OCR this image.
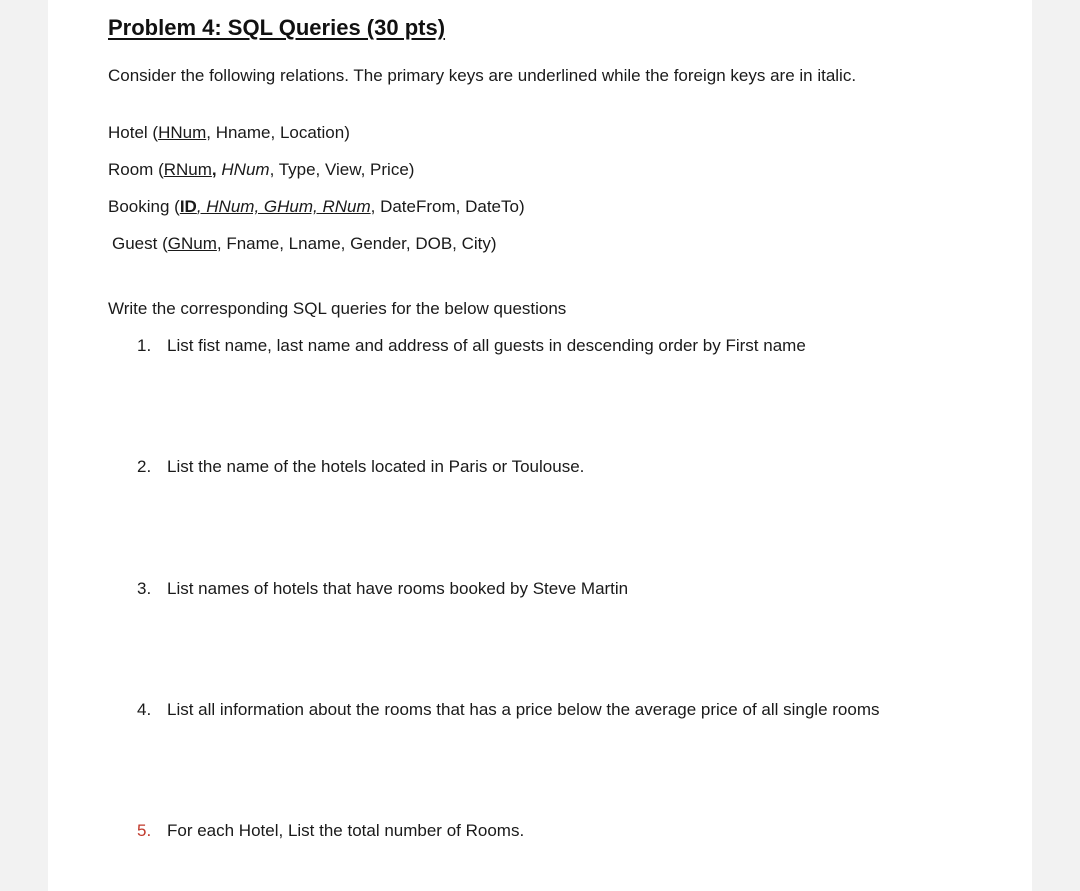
Problem 4: SQL Queries (30 pts)
Consider the following relations. The primary keys are underlined while the foreign keys are in italic.
Hotel (HNum, Hname, Location)
Room (RNum, HNum, Type, View, Price)
Booking (ID, HNum, GHum, RNum, DateFrom, DateTo)
Guest (GNum, Fname, Lname, Gender, DOB, City)
Write the corresponding SQL queries for the below questions
1. List fist name, last name and address of all guests in descending order by First name
2. List the name of the hotels located in Paris or Toulouse.
3. List names of hotels that have rooms booked by Steve Martin
4. List all information about the rooms that has a price below the average price of all single rooms
5. For each Hotel, List the total number of Rooms.
